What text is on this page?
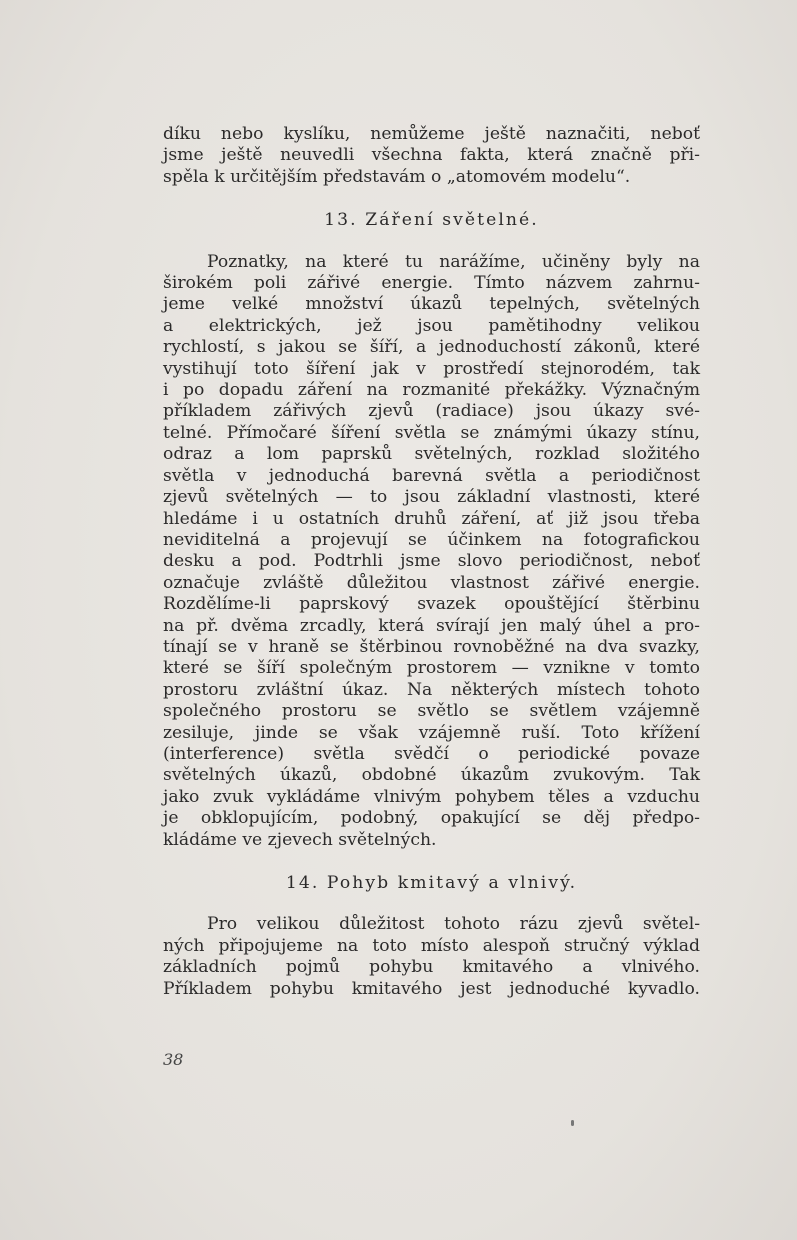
díku nebo kyslíku, nemůžeme ještě naznačiti, neboť
jsme ještě neuvedli všechna fakta, která značně při-
spěla k určitějším představám o „atomovém modelu“.
13. Záření světelné.
Poznatky, na které tu narážíme, učiněny byly na
širokém poli zářivé energie. Tímto názvem zahrnu-
jeme velké množství úkazů tepelných, světelných
a elektrických, jež jsou pamětihodny velikou
rychlostí, s jakou se šíří, a jednoduchostí zákonů, které
vystihují toto šíření jak v prostředí stejnorodém, tak
i po dopadu záření na rozmanité překážky. Význačným
příkladem zářivých zjevů (radiace) jsou úkazy své-
telné. Přímočaré šíření světla se známými úkazy stínu,
odraz a lom paprsků světelných, rozklad složitého
světla v jednoduchá barevná světla a periodičnost
zjevů světelných — to jsou základní vlastnosti, které
hledáme i u ostatních druhů záření, ať již jsou třeba
neviditelná a projevují se účinkem na fotografickou
desku a pod. Podtrhli jsme slovo periodičnost, neboť
označuje zvláště důležitou vlastnost zářivé energie.
Rozdělíme-li paprskový svazek opouštějící štěrbinu
na př. dvěma zrcadly, která svírají jen malý úhel a pro-
tínají se v hraně se štěrbinou rovnoběžné na dva svazky,
které se šíří společným prostorem — vznikne v tomto
prostoru zvláštní úkaz. Na některých místech tohoto
společného prostoru se světlo se světlem vzájemně
zesiluje, jinde se však vzájemně ruší. Toto křížení
(interference) světla svědčí o periodické povaze
světelných úkazů, obdobné úkazům zvukovým. Tak
jako zvuk vykládáme vlnivým pohybem těles a vzduchu
je obklopujícím, podobný, opakující se děj předpo-
kládáme ve zjevech světelných.
14. Pohyb kmitavý a vlnivý.
Pro velikou důležitost tohoto rázu zjevů světel-
ných připojujeme na toto místo alespoň stručný výklad
základních pojmů pohybu kmitavého a vlnivého.
Příkladem pohybu kmitavého jest jednoduché kyvadlo.
38
